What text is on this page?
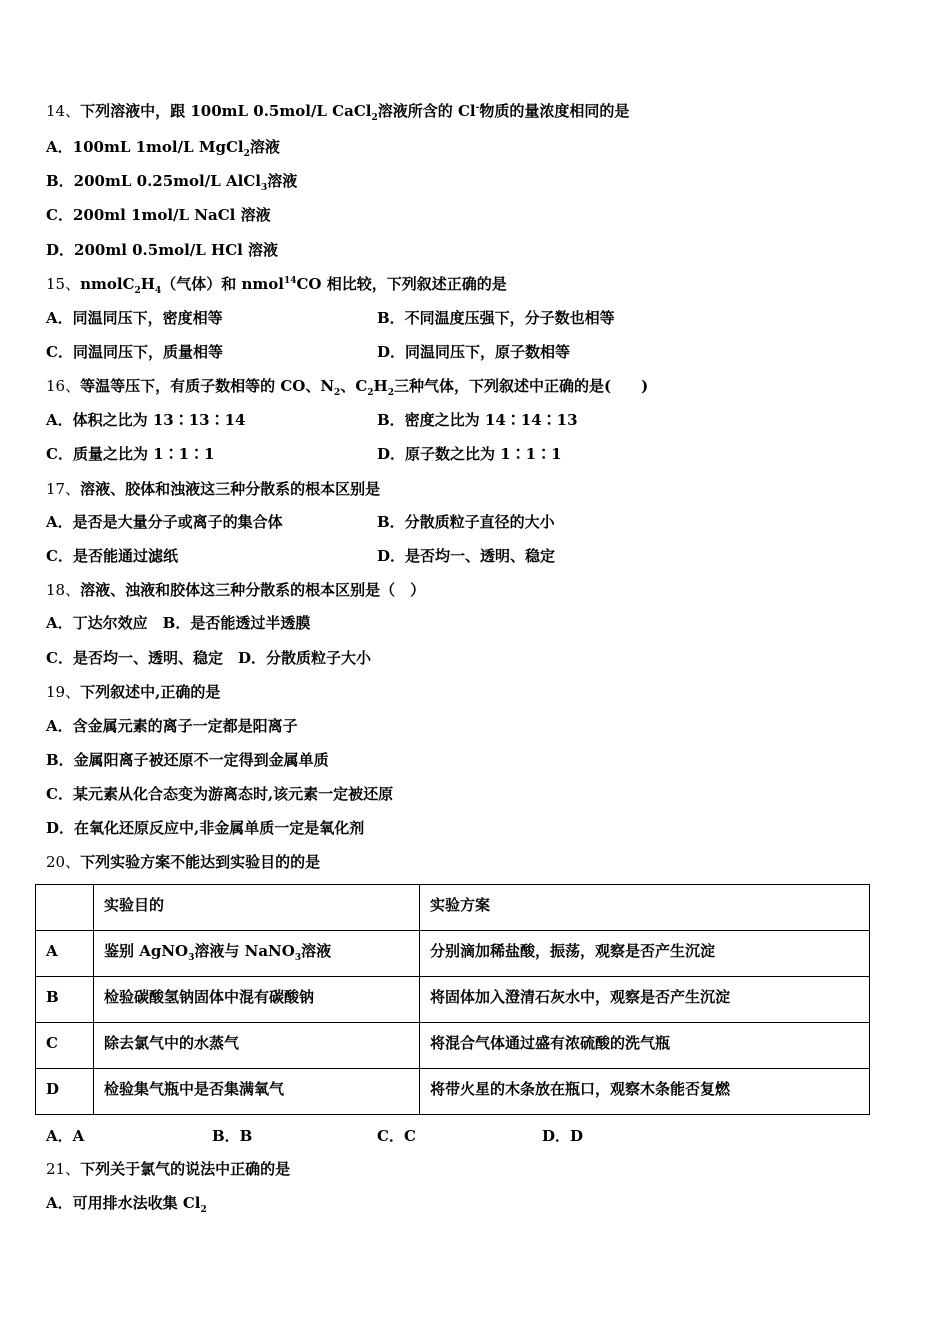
14、下列溶液中，跟 100mL 0.5mol/L CaCl$_2$溶液所含的 Cl-物质的量浓度相同的是
A．100mL 1mol/L MgCl$_2$溶液
B．200mL 0.25mol/L AlCl$_3$溶液
C．200ml 1mol/L NaCl 溶液
D．200ml 0.5mol/L HCl 溶液
15、$nmolC_2H_4$（气体）和 nmol$^{14}$CO 相比较，下列叙述正确的是
A．同温同压下，密度相等	B．不同温度压强下，分子数也相等
C．同温同压下，质量相等	D．同温同压下，原子数相等
16、等温等压下，有质子数相等的 CO、$N_2$、$C_2H_2$三种气体，下列叙述中正确的是(　　)
A．体积之比为 13∶13∶14	B．密度之比为 14∶14∶13
C．质量之比为 1∶1∶1	D．原子数之比为 1∶1∶1
17、溶液、胶体和浊液这三种分散系的根本区别是
A．是否是大量分子或离子的集合体	B．分散质粒子直径的大小
C．是否能通过滤纸	D．是否均一、透明、稳定
18、溶液、浊液和胶体这三种分散系的根本区别是（　）
A．丁达尔效应　B．是否能透过半透膜
C．是否均一、透明、稳定　D．分散质粒子大小
19、下列叙述中,正确的是
A．含金属元素的离子一定都是阳离子
B．金属阳离子被还原不一定得到金属单质
C．某元素从化合态变为游离态时,该元素一定被还原
D．在氧化还原反应中,非金属单质一定是氧化剂
20、下列实验方案不能达到实验目的的是
	实验目的	实验方案
A	鉴别 AgNO$_3$溶液与 NaNO$_3$溶液	分别滴加稀盐酸，振荡，观察是否产生沉淀
B	检验碳酸氢钠固体中混有碳酸钠	将固体加入澄清石灰水中，观察是否产生沉淀
C	除去氯气中的水蒸气	将混合气体通过盛有浓硫酸的洗气瓶
D	检验集气瓶中是否集满氧气	将带火星的木条放在瓶口，观察木条能否复燃
A．A	B．B	C．C	D．D
21、下列关于氯气的说法中正确的是
A．可用排水法收集 $Cl_2$
